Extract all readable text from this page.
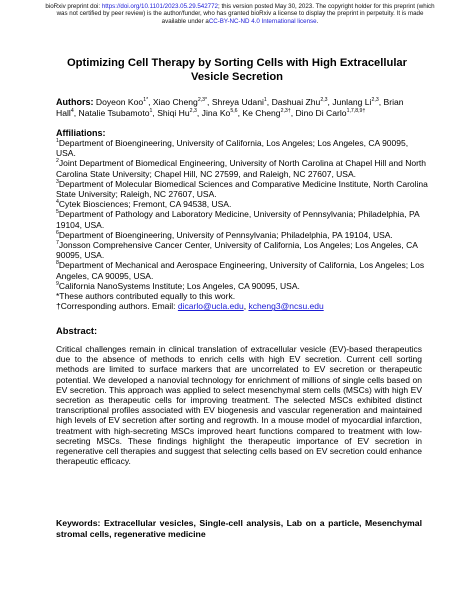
bioRxiv preprint doi: https://doi.org/10.1101/2023.05.29.542772; this version posted May 30, 2023. The copyright holder for this preprint (which
was not certified by peer review) is the author/funder, who has granted bioRxiv a license to display the preprint in perpetuity. It is made
available under aCC-BY-NC-ND 4.0 International license.
Optimizing Cell Therapy by Sorting Cells with High Extracellular
Vesicle Secretion
Authors: Doyeon Koo$^{1*}$, Xiao Cheng$^{2,3*}$, Shreya Udani$^1$, Dashuai Zhu$^{2,3}$, Junlang Li$^{2,3}$, Brian Hall$^4$, Natalie Tsubamoto$^1$, Shiqi Hu$^{2,3}$, Jina Ko$^{5,6}$, Ke Cheng$^{2,3\dagger}$, Dino Di Carlo$^{1,7,8,9\dagger}$
Affiliations:
$^1$Department of Bioengineering, University of California, Los Angeles; Los Angeles, CA 90095, USA.
$^2$Joint Department of Biomedical Engineering, University of North Carolina at Chapel Hill and North Carolina State University; Chapel Hill, NC 27599, and Raleigh, NC 27607, USA.
$^3$Department of Molecular Biomedical Sciences and Comparative Medicine Institute, North Carolina State University; Raleigh, NC 27607, USA.
$^4$Cytek Biosciences; Fremont, CA 94538, USA.
$^5$Department of Pathology and Laboratory Medicine, University of Pennsylvania; Philadelphia, PA 19104, USA.
$^6$Department of Bioengineering, University of Pennsylvania; Philadelphia, PA 19104, USA.
$^7$Jonsson Comprehensive Cancer Center, University of California, Los Angeles; Los Angeles, CA 90095, USA.
$^8$Department of Mechanical and Aerospace Engineering, University of California, Los Angeles; Los Angeles, CA 90095, USA.
$^9$California NanoSystems Institute; Los Angeles, CA 90095, USA.
*These authors contributed equally to this work.
†Corresponding authors. Email: dicarlo@ucla.edu, kcheng3@ncsu.edu
Abstract:
Critical challenges remain in clinical translation of extracellular vesicle (EV)-based therapeutics due to the absence of methods to enrich cells with high EV secretion. Current cell sorting methods are limited to surface markers that are uncorrelated to EV secretion or therapeutic potential. We developed a nanovial technology for enrichment of millions of single cells based on EV secretion. This approach was applied to select mesenchymal stem cells (MSCs) with high EV secretion as therapeutic cells for improving treatment. The selected MSCs exhibited distinct transcriptional profiles associated with EV biogenesis and vascular regeneration and maintained high levels of EV secretion after sorting and regrowth. In a mouse model of myocardial infarction, treatment with high-secreting MSCs improved heart functions compared to treatment with low-secreting MSCs. These findings highlight the therapeutic importance of EV secretion in regenerative cell therapies and suggest that selecting cells based on EV secretion could enhance therapeutic efficacy.
Keywords: Extracellular vesicles, Single-cell analysis, Lab on a particle, Mesenchymal stromal cells, regenerative medicine
